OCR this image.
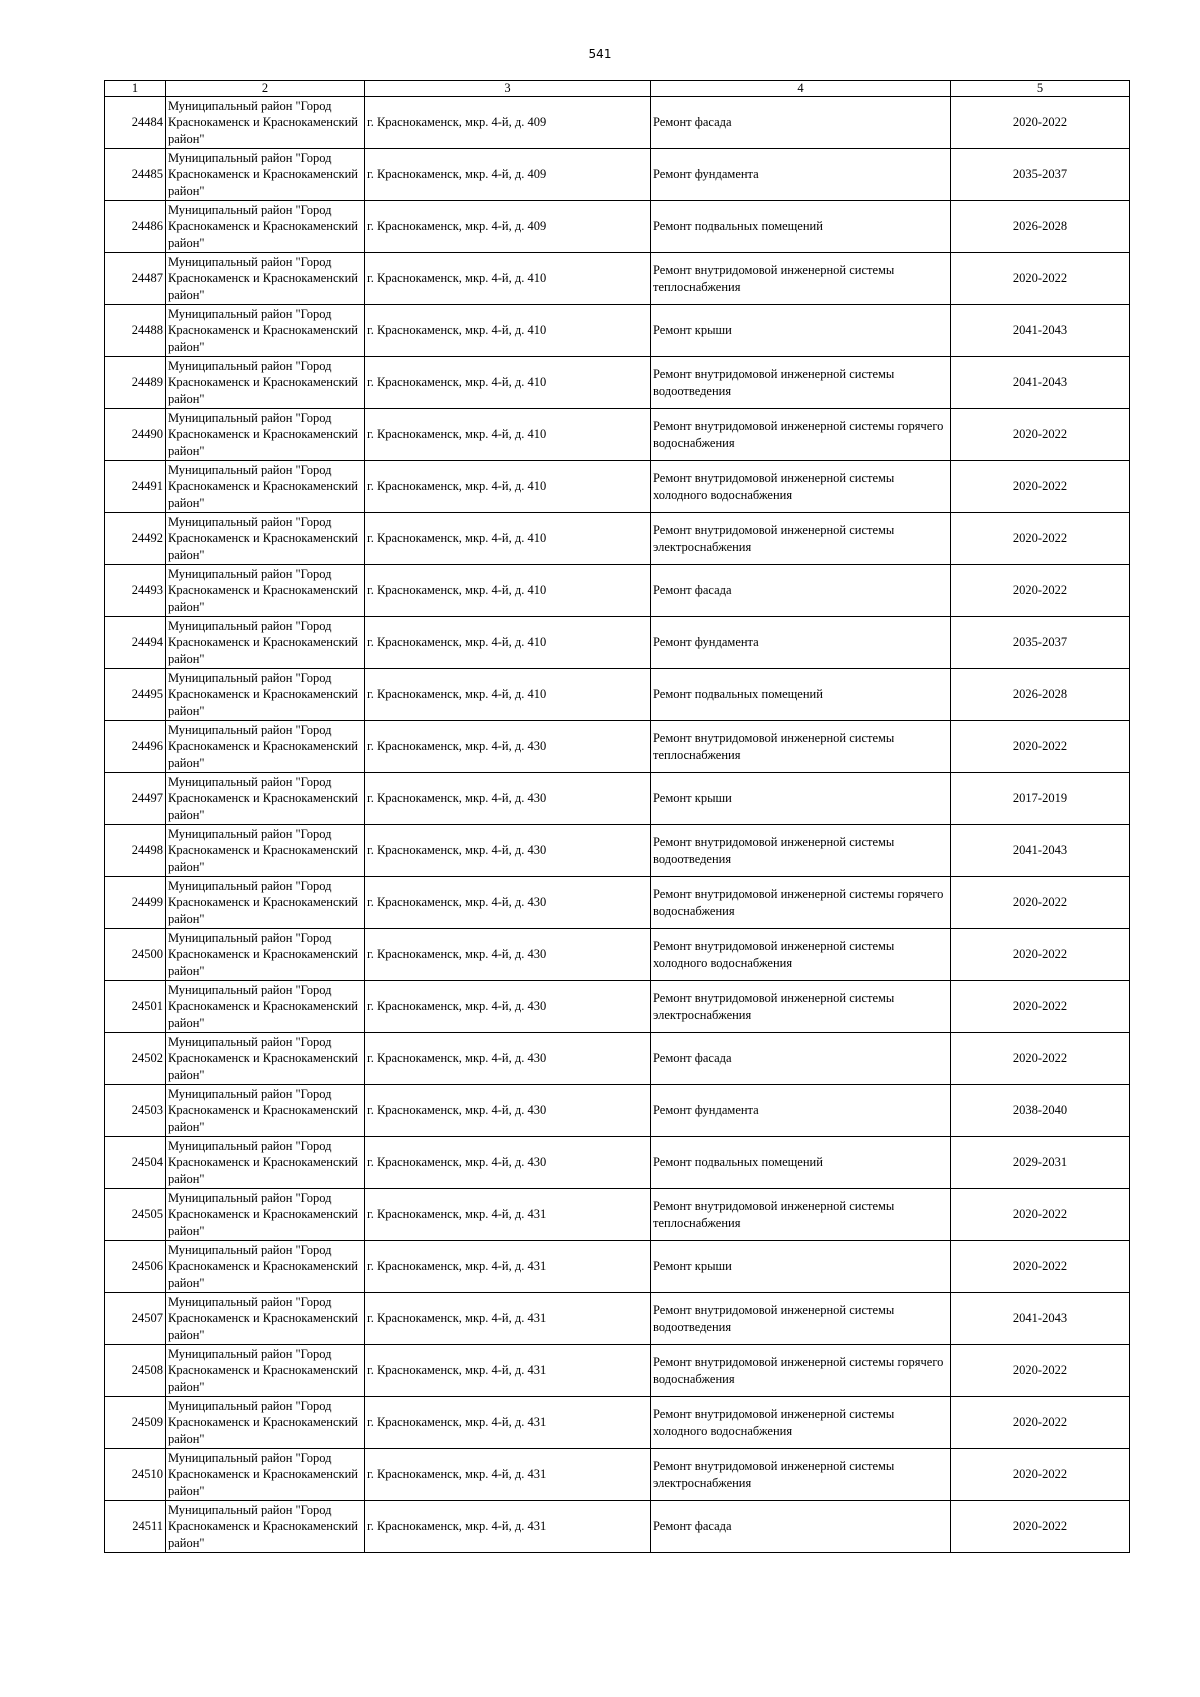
541
1	2	3	4	5
24484	Муниципальный район "Город Краснокаменск и Краснокаменский район"	г. Краснокаменск, мкр. 4-й, д. 409	Ремонт фасада	2020-2022
24485	Муниципальный район "Город Краснокаменск и Краснокаменский район"	г. Краснокаменск, мкр. 4-й, д. 409	Ремонт фундамента	2035-2037
24486	Муниципальный район "Город Краснокаменск и Краснокаменский район"	г. Краснокаменск, мкр. 4-й, д. 409	Ремонт подвальных помещений	2026-2028
24487	Муниципальный район "Город Краснокаменск и Краснокаменский район"	г. Краснокаменск, мкр. 4-й, д. 410	Ремонт внутридомовой инженерной системы теплоснабжения	2020-2022
24488	Муниципальный район "Город Краснокаменск и Краснокаменский район"	г. Краснокаменск, мкр. 4-й, д. 410	Ремонт крыши	2041-2043
24489	Муниципальный район "Город Краснокаменск и Краснокаменский район"	г. Краснокаменск, мкр. 4-й, д. 410	Ремонт внутридомовой инженерной системы водоотведения	2041-2043
24490	Муниципальный район "Город Краснокаменск и Краснокаменский район"	г. Краснокаменск, мкр. 4-й, д. 410	Ремонт внутридомовой инженерной системы горячего водоснабжения	2020-2022
24491	Муниципальный район "Город Краснокаменск и Краснокаменский район"	г. Краснокаменск, мкр. 4-й, д. 410	Ремонт внутридомовой инженерной системы холодного водоснабжения	2020-2022
24492	Муниципальный район "Город Краснокаменск и Краснокаменский район"	г. Краснокаменск, мкр. 4-й, д. 410	Ремонт внутридомовой инженерной системы электроснабжения	2020-2022
24493	Муниципальный район "Город Краснокаменск и Краснокаменский район"	г. Краснокаменск, мкр. 4-й, д. 410	Ремонт фасада	2020-2022
24494	Муниципальный район "Город Краснокаменск и Краснокаменский район"	г. Краснокаменск, мкр. 4-й, д. 410	Ремонт фундамента	2035-2037
24495	Муниципальный район "Город Краснокаменск и Краснокаменский район"	г. Краснокаменск, мкр. 4-й, д. 410	Ремонт подвальных помещений	2026-2028
24496	Муниципальный район "Город Краснокаменск и Краснокаменский район"	г. Краснокаменск, мкр. 4-й, д. 430	Ремонт внутридомовой инженерной системы теплоснабжения	2020-2022
24497	Муниципальный район "Город Краснокаменск и Краснокаменский район"	г. Краснокаменск, мкр. 4-й, д. 430	Ремонт крыши	2017-2019
24498	Муниципальный район "Город Краснокаменск и Краснокаменский район"	г. Краснокаменск, мкр. 4-й, д. 430	Ремонт внутридомовой инженерной системы водоотведения	2041-2043
24499	Муниципальный район "Город Краснокаменск и Краснокаменский район"	г. Краснокаменск, мкр. 4-й, д. 430	Ремонт внутридомовой инженерной системы горячего водоснабжения	2020-2022
24500	Муниципальный район "Город Краснокаменск и Краснокаменский район"	г. Краснокаменск, мкр. 4-й, д. 430	Ремонт внутридомовой инженерной системы холодного водоснабжения	2020-2022
24501	Муниципальный район "Город Краснокаменск и Краснокаменский район"	г. Краснокаменск, мкр. 4-й, д. 430	Ремонт внутридомовой инженерной системы электроснабжения	2020-2022
24502	Муниципальный район "Город Краснокаменск и Краснокаменский район"	г. Краснокаменск, мкр. 4-й, д. 430	Ремонт фасада	2020-2022
24503	Муниципальный район "Город Краснокаменск и Краснокаменский район"	г. Краснокаменск, мкр. 4-й, д. 430	Ремонт фундамента	2038-2040
24504	Муниципальный район "Город Краснокаменск и Краснокаменский район"	г. Краснокаменск, мкр. 4-й, д. 430	Ремонт подвальных помещений	2029-2031
24505	Муниципальный район "Город Краснокаменск и Краснокаменский район"	г. Краснокаменск, мкр. 4-й, д. 431	Ремонт внутридомовой инженерной системы теплоснабжения	2020-2022
24506	Муниципальный район "Город Краснокаменск и Краснокаменский район"	г. Краснокаменск, мкр. 4-й, д. 431	Ремонт крыши	2020-2022
24507	Муниципальный район "Город Краснокаменск и Краснокаменский район"	г. Краснокаменск, мкр. 4-й, д. 431	Ремонт внутридомовой инженерной системы водоотведения	2041-2043
24508	Муниципальный район "Город Краснокаменск и Краснокаменский район"	г. Краснокаменск, мкр. 4-й, д. 431	Ремонт внутридомовой инженерной системы горячего водоснабжения	2020-2022
24509	Муниципальный район "Город Краснокаменск и Краснокаменский район"	г. Краснокаменск, мкр. 4-й, д. 431	Ремонт внутридомовой инженерной системы холодного водоснабжения	2020-2022
24510	Муниципальный район "Город Краснокаменск и Краснокаменский район"	г. Краснокаменск, мкр. 4-й, д. 431	Ремонт внутридомовой инженерной системы электроснабжения	2020-2022
24511	Муниципальный район "Город Краснокаменск и Краснокаменский район"	г. Краснокаменск, мкр. 4-й, д. 431	Ремонт фасада	2020-2022
